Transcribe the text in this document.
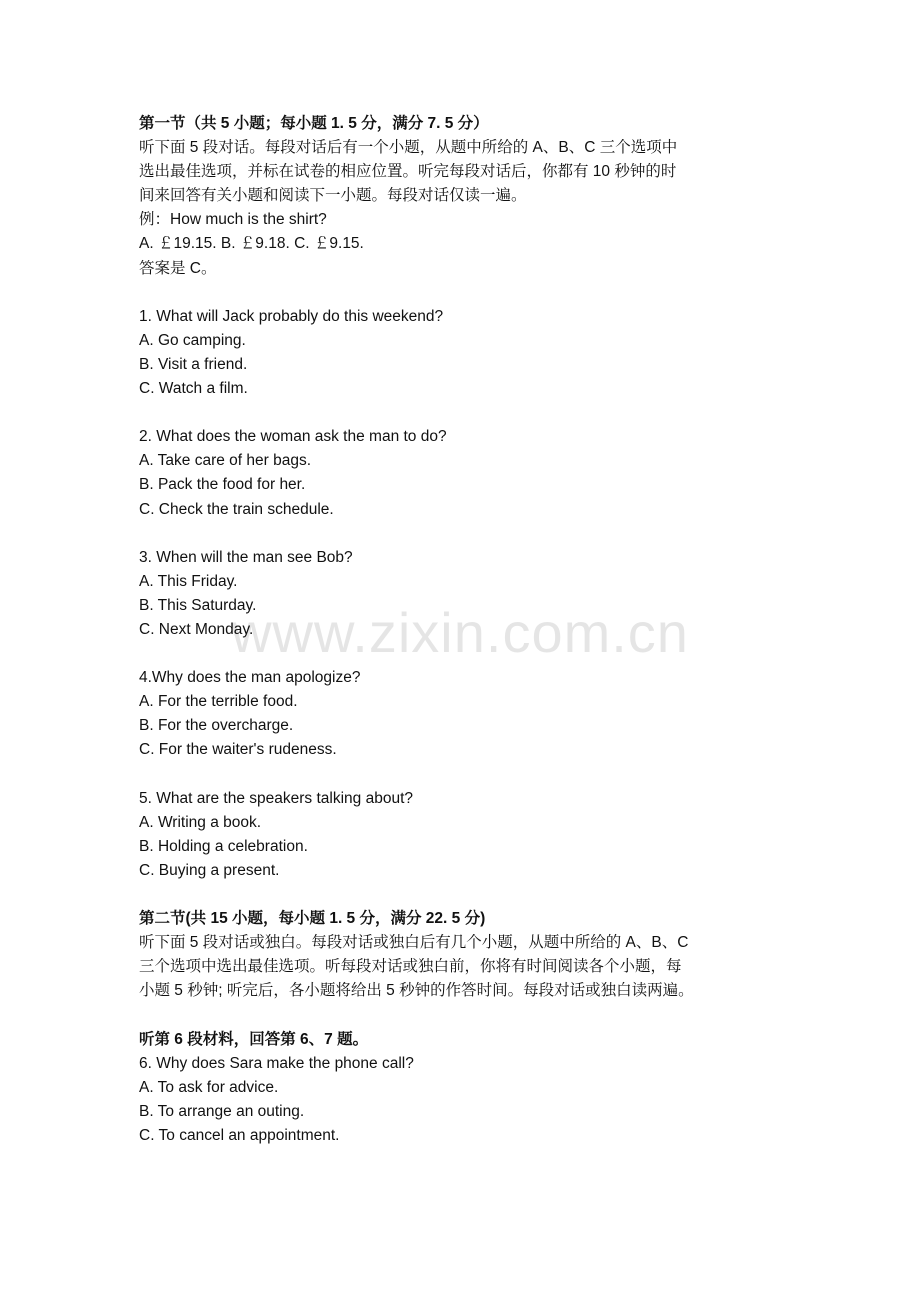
www.zixin.com.cn
第一节（共 5 小题；每小题 1. 5 分，满分 7. 5 分）
听下面 5 段对话。每段对话后有一个小题，从题中所给的 A、B、C 三个选项中
选出最佳选项，并标在试卷的相应位置。听完每段对话后，你都有 10 秒钟的时
间来回答有关小题和阅读下一小题。每段对话仅读一遍。
例：How much is the shirt?
A. ￡19.15. B. ￡9.18. C. ￡9.15.
答案是 C。
1. What will Jack probably do this weekend?
A. Go camping.
B. Visit a friend.
C. Watch a film.
2. What does the woman ask the man to do?
A. Take care of her bags.
B. Pack the food for her.
C. Check the train schedule.
3. When will the man see Bob?
A. This Friday.
B. This Saturday.
C. Next Monday.
4.Why does the man apologize?
A. For the terrible food.
B. For the overcharge.
C. For the waiter's rudeness.
5. What are the speakers talking about?
A. Writing a book.
B. Holding a celebration.
C. Buying a present.
第二节(共 15 小题，每小题 1. 5 分，满分 22. 5 分)
听下面 5 段对话或独白。每段对话或独白后有几个小题，从题中所给的 A、B、C
三个选项中选出最佳选项。听每段对话或独白前，你将有时间阅读各个小题，每
小题 5 秒钟; 听完后，各小题将给出 5 秒钟的作答时间。每段对话或独白读两遍。
听第 6 段材料，回答第 6、7 题。
6. Why does Sara make the phone call?
A. To ask for advice.
B. To arrange an outing.
C. To cancel an appointment.
